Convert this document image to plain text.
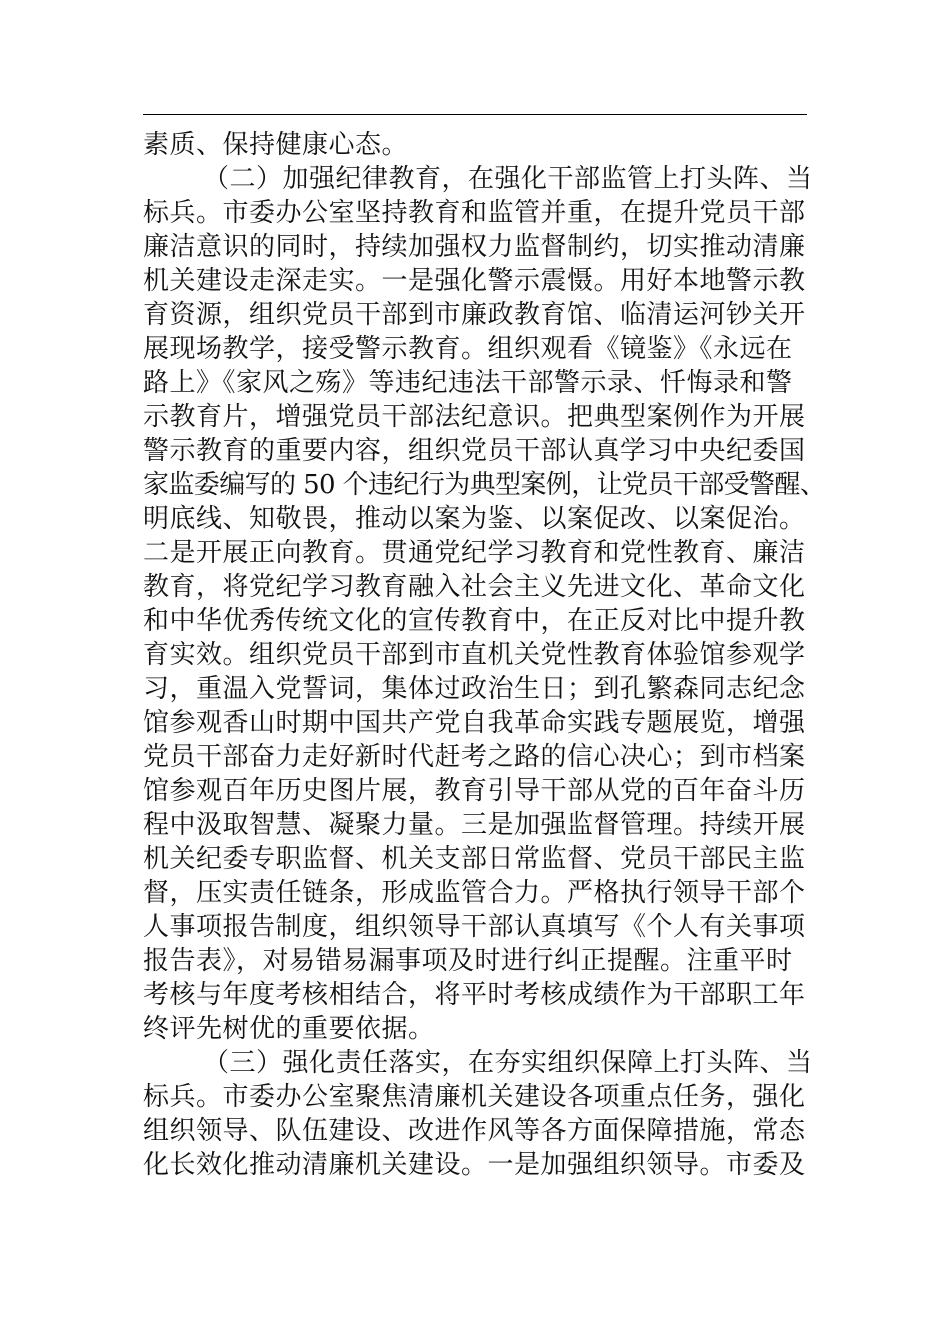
素质、保持健康心态。
（二）加强纪律教育，在强化干部监管上打头阵、当
标兵。市委办公室坚持教育和监管并重，在提升党员干部
廉洁意识的同时，持续加强权力监督制约，切实推动清廉
机关建设走深走实。一是强化警示震慑。用好本地警示教
育资源，组织党员干部到市廉政教育馆、临清运河钞关开
展现场教学，接受警示教育。组织观看《镜鉴》《永远在
路上》《家风之殇》等违纪违法干部警示录、忏悔录和警
示教育片，增强党员干部法纪意识。把典型案例作为开展
警示教育的重要内容，组织党员干部认真学习中央纪委国
家监委编写的 50 个违纪行为典型案例，让党员干部受警醒、
明底线、知敬畏，推动以案为鉴、以案促改、以案促治。
二是开展正向教育。贯通党纪学习教育和党性教育、廉洁
教育，将党纪学习教育融入社会主义先进文化、革命文化
和中华优秀传统文化的宣传教育中，在正反对比中提升教
育实效。组织党员干部到市直机关党性教育体验馆参观学
习，重温入党誓词，集体过政治生日；到孔繁森同志纪念
馆参观香山时期中国共产党自我革命实践专题展览，增强
党员干部奋力走好新时代赶考之路的信心决心；到市档案
馆参观百年历史图片展，教育引导干部从党的百年奋斗历
程中汲取智慧、凝聚力量。三是加强监督管理。持续开展
机关纪委专职监督、机关支部日常监督、党员干部民主监
督，压实责任链条，形成监管合力。严格执行领导干部个
人事项报告制度，组织领导干部认真填写《个人有关事项
报告表》，对易错易漏事项及时进行纠正提醒。注重平时
考核与年度考核相结合，将平时考核成绩作为干部职工年
终评先树优的重要依据。
（三）强化责任落实，在夯实组织保障上打头阵、当
标兵。市委办公室聚焦清廉机关建设各项重点任务，强化
组织领导、队伍建设、改进作风等各方面保障措施，常态
化长效化推动清廉机关建设。一是加强组织领导。市委及
